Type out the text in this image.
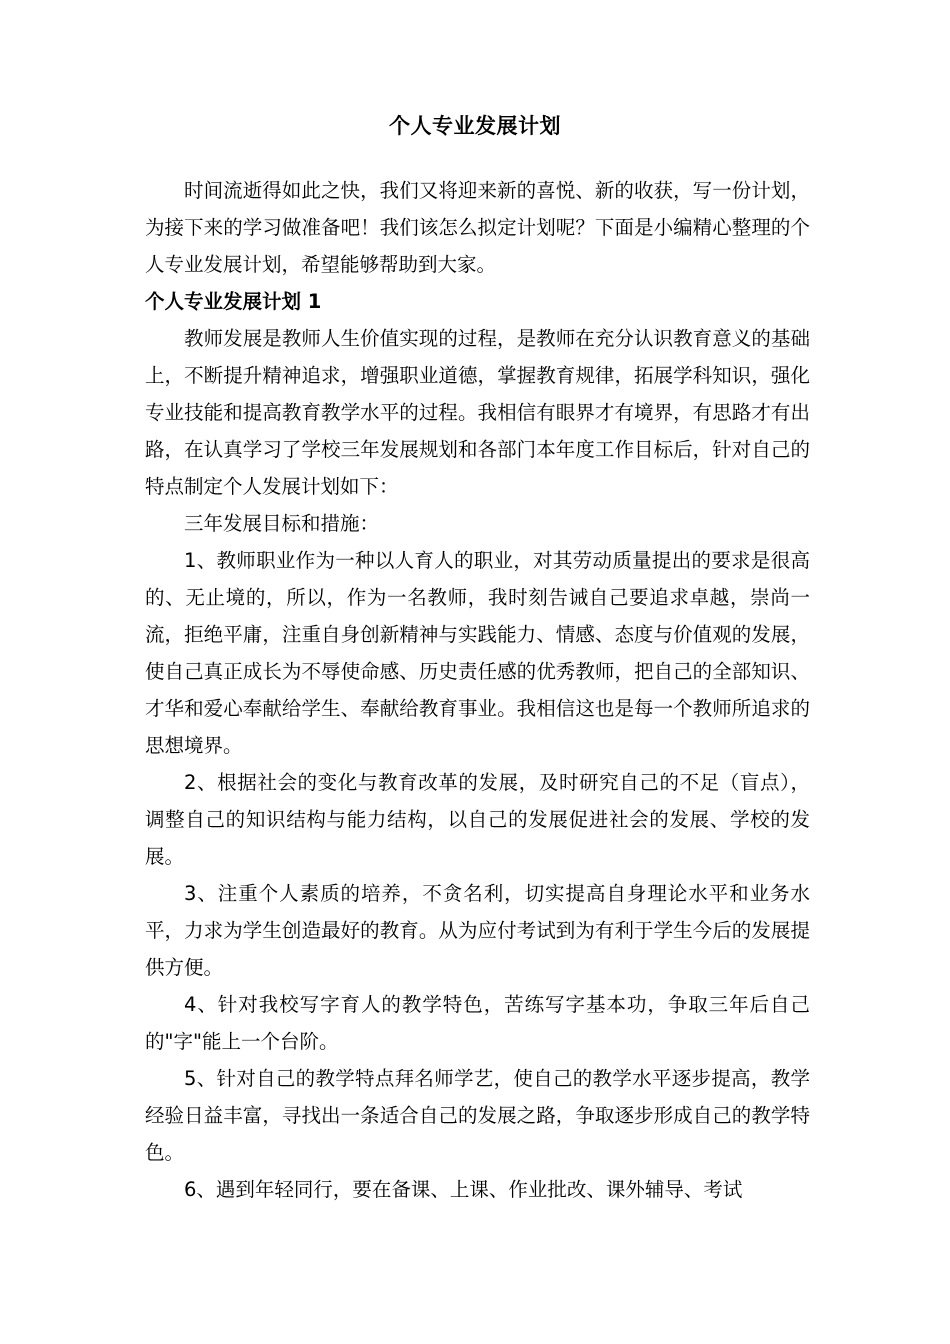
个人专业发展计划

时间流逝得如此之快，我们又将迎来新的喜悦、新的收获，写一份计划，为接下来的学习做准备吧！我们该怎么拟定计划呢？下面是小编精心整理的个人专业发展计划，希望能够帮助到大家。

个人专业发展计划 1

教师发展是教师人生价值实现的过程，是教师在充分认识教育意义的基础上，不断提升精神追求，增强职业道德，掌握教育规律，拓展学科知识，强化专业技能和提高教育教学水平的过程。我相信有眼界才有境界，有思路才有出路，在认真学习了学校三年发展规划和各部门本年度工作目标后，针对自己的特点制定个人发展计划如下：

三年发展目标和措施：

1、教师职业作为一种以人育人的职业，对其劳动质量提出的要求是很高的、无止境的，所以，作为一名教师，我时刻告诫自己要追求卓越，崇尚一流，拒绝平庸，注重自身创新精神与实践能力、情感、态度与价值观的发展，使自己真正成长为不辱使命感、历史责任感的优秀教师，把自己的全部知识、才华和爱心奉献给学生、奉献给教育事业。我相信这也是每一个教师所追求的思想境界。

2、根据社会的变化与教育改革的发展，及时研究自己的不足（盲点），调整自己的知识结构与能力结构，以自己的发展促进社会的发展、学校的发展。

3、注重个人素质的培养，不贪名利，切实提高自身理论水平和业务水平，力求为学生创造最好的教育。从为应付考试到为有利于学生今后的发展提供方便。

4、针对我校写字育人的教学特色，苦练写字基本功，争取三年后自己的"字"能上一个台阶。

5、针对自己的教学特点拜名师学艺，使自己的教学水平逐步提高，教学经验日益丰富，寻找出一条适合自己的发展之路，争取逐步形成自己的教学特色。

6、遇到年轻同行，要在备课、上课、作业批改、课外辅导、考试
